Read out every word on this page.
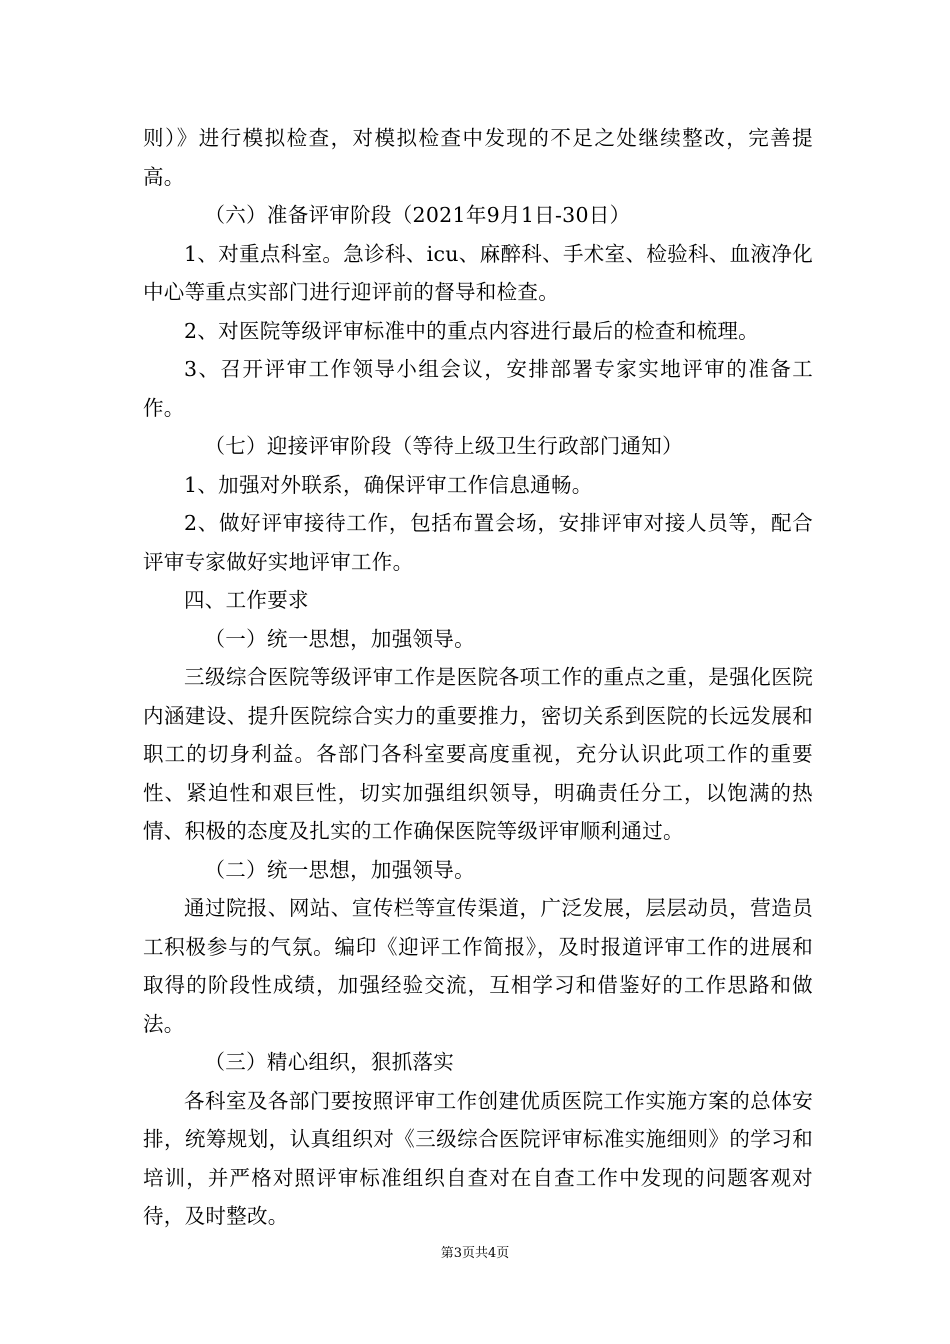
则）》进行模拟检查，对模拟检查中发现的不足之处继续整改，完善提高。

（六）准备评审阶段（2021年9月1日-30日）

1、对重点科室。急诊科、icu、麻醉科、手术室、检验科、血液净化中心等重点实部门进行迎评前的督导和检查。

2、对医院等级评审标准中的重点内容进行最后的检查和梳理。

3、召开评审工作领导小组会议，安排部署专家实地评审的准备工作。

（七）迎接评审阶段（等待上级卫生行政部门通知）

1、加强对外联系，确保评审工作信息通畅。

2、做好评审接待工作，包括布置会场，安排评审对接人员等，配合评审专家做好实地评审工作。

四、工作要求

（一）统一思想，加强领导。

三级综合医院等级评审工作是医院各项工作的重点之重，是强化医院内涵建设、提升医院综合实力的重要推力，密切关系到医院的长远发展和职工的切身利益。各部门各科室要高度重视，充分认识此项工作的重要性、紧迫性和艰巨性，切实加强组织领导，明确责任分工，以饱满的热情、积极的态度及扎实的工作确保医院等级评审顺利通过。

（二）统一思想，加强领导。

通过院报、网站、宣传栏等宣传渠道，广泛发展，层层动员，营造员工积极参与的气氛。编印《迎评工作简报》，及时报道评审工作的进展和取得的阶段性成绩，加强经验交流，互相学习和借鉴好的工作思路和做法。

（三）精心组织，狠抓落实

各科室及各部门要按照评审工作创建优质医院工作实施方案的总体安排，统筹规划，认真组织对《三级综合医院评审标准实施细则》的学习和培训，并严格对照评审标准组织自查对在自查工作中发现的问题客观对待，及时整改。

第3页共4页
